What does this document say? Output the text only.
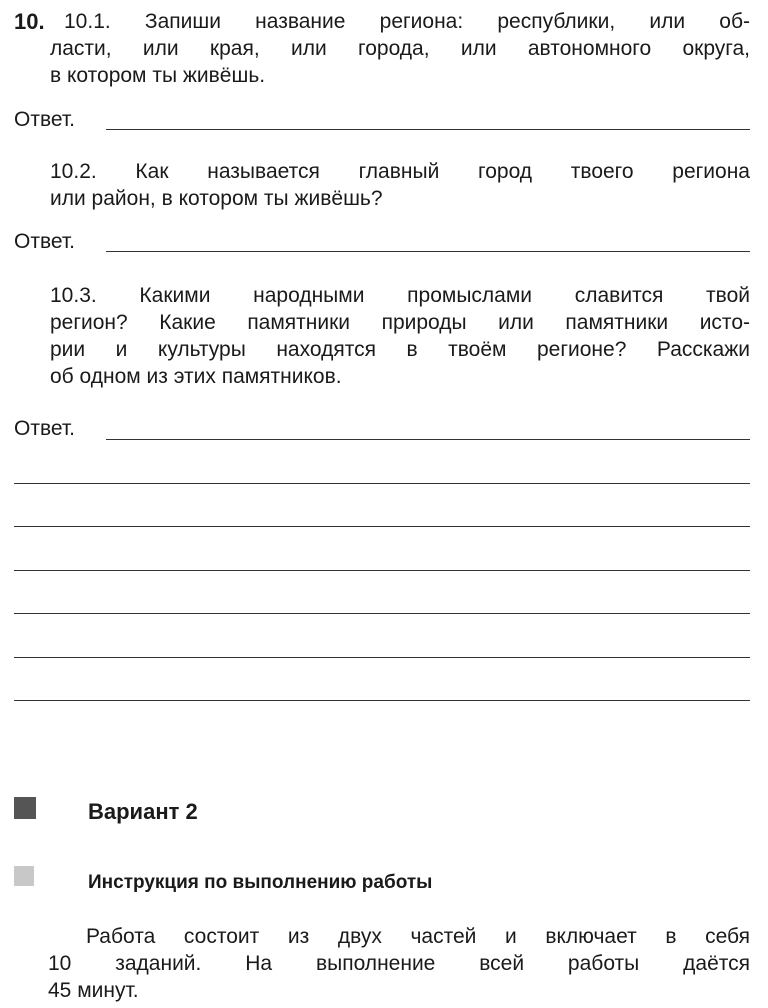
10. 10.1. Запиши название региона: республики, или об-
ласти, или края, или города, или автономного округа,
в котором ты живёшь.
Ответ.
10.2. Как называется главный город твоего региона
или район, в котором ты живёшь?
Ответ.
10.3. Какими народными промыслами славится твой
регион? Какие памятники природы или памятники исто-
рии и культуры находятся в твоём регионе? Расскажи
об одном из этих памятников.
Ответ.
Вариант 2
Инструкция по выполнению работы
Работа состоит из двух частей и включает в себя
10 заданий. На выполнение всей работы даётся
45 минут.
